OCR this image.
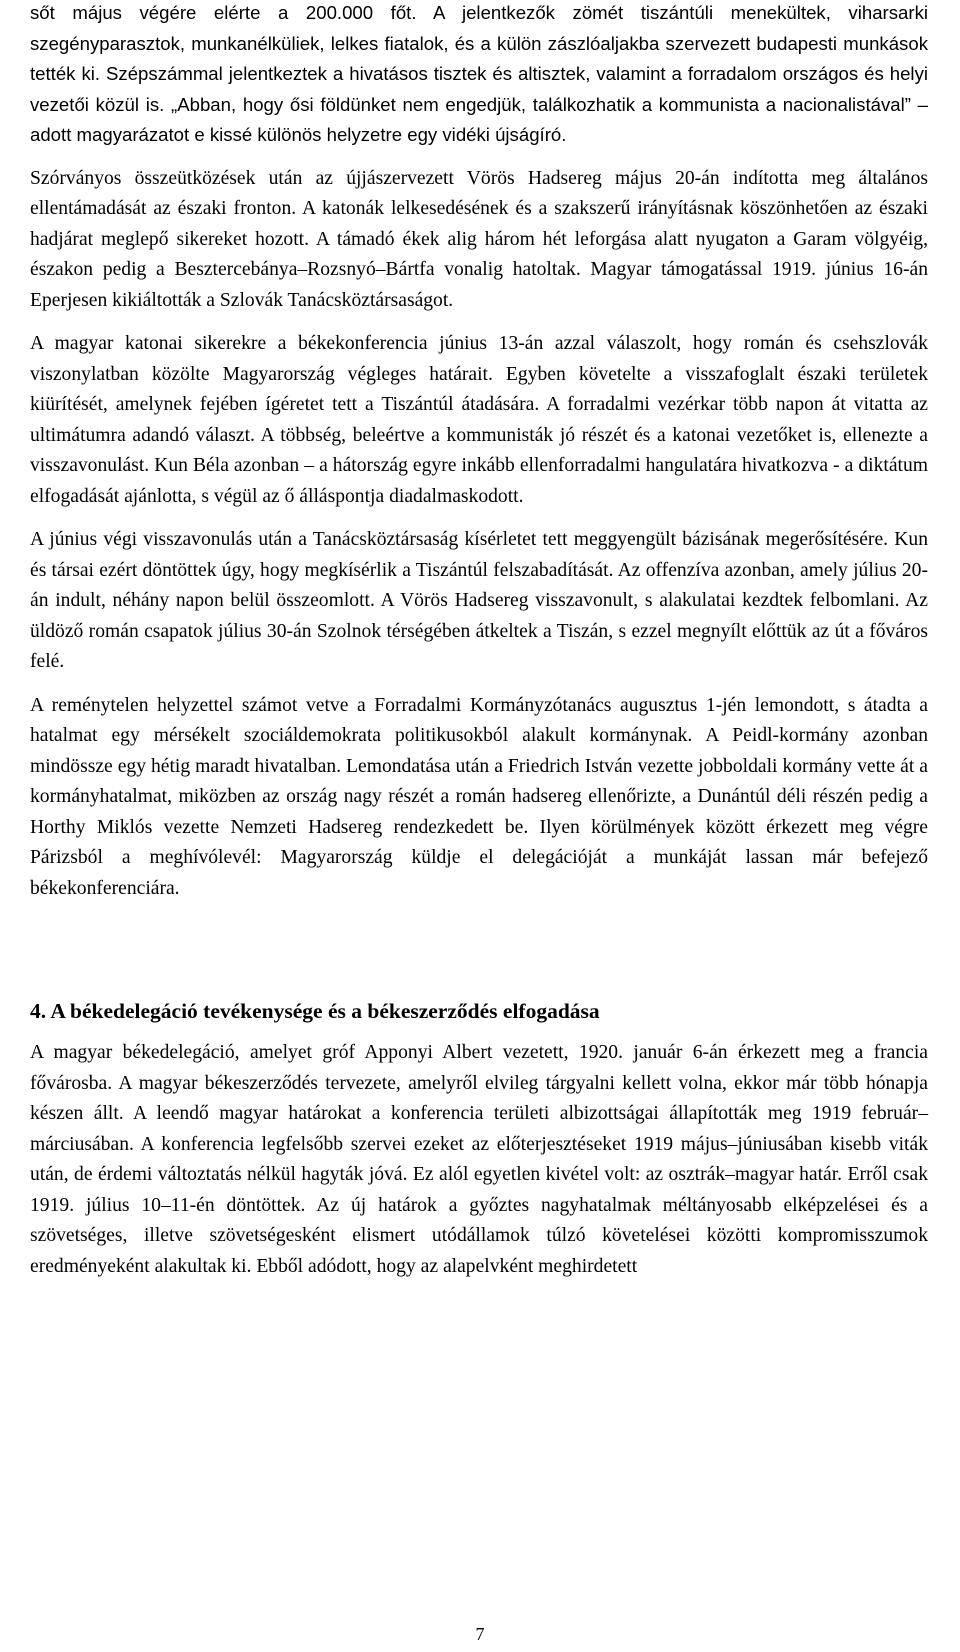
sőt május végére elérte a 200.000 főt. A jelentkezők zömét tiszántúli menekültek, viharsarki szegényparasztok, munkanélküliek, lelkes fiatalok, és a külön zászlóaljakba szervezett budapesti munkások tették ki. Szépszámmal jelentkeztek a hivatásos tisztek és altisztek, valamint a forradalom országos és helyi vezetői közül is. „Abban, hogy ősi földünket nem engedjük, találkozhatik a kommunista a nacionalistával” – adott magyarázatot e kissé különös helyzetre egy vidéki újságíró.

Szórványos összeütközések után az újjászervezett Vörös Hadsereg május 20-án indította meg általános ellentámadását az északi fronton. A katonák lelkesedésének és a szakszerű irányításnak köszönhetően az északi hadjárat meglepő sikereket hozott. A támadó ékek alig három hét leforgása alatt nyugaton a Garam völgyéig, északon pedig a Besztercebánya–Rozsnyó–Bártfa vonalig hatoltak. Magyar támogatással 1919. június 16-án Eperjesen kikiáltották a Szlovák Tanácsköztársaságot.

A magyar katonai sikerekre a békekonferencia június 13-án azzal válaszolt, hogy román és csehszlovák viszonylatban közölte Magyarország végleges határait. Egyben követelte a visszafoglalt északi területek kiürítését, amelynek fejében ígéretet tett a Tiszántúl átadására. A forradalmi vezérkar több napon át vitatta az ultimátumra adandó választ. A többség, beleértve a kommunisták jó részét és a katonai vezetőket is, ellenezte a visszavonulást. Kun Béla azonban – a hátország egyre inkább ellenforradalmi hangulatára hivatkozva - a diktátum elfogadását ajánlotta, s végül az ő álláspontja diadalmaskodott.

A június végi visszavonulás után a Tanácsköztársaság kísérletet tett meggyengült bázisának megerősítésére. Kun és társai ezért döntöttek úgy, hogy megkísérlik a Tiszántúl felszabadítását. Az offenzíva azonban, amely július 20-án indult, néhány napon belül összeomlott. A Vörös Hadsereg visszavonult, s alakulatai kezdtek felbomlani. Az üldöző román csapatok július 30-án Szolnok térségében átkeltek a Tiszán, s ezzel megnyílt előttük az út a főváros felé.

A reménytelen helyzettel számot vetve a Forradalmi Kormányzótanács augusztus 1-jén lemondott, s átadta a hatalmat egy mérsékelt szociáldemokrata politikusokból alakult kormánynak. A Peidl-kormány azonban mindössze egy hétig maradt hivatalban. Lemondatása után a Friedrich István vezette jobboldali kormány vette át a kormányhatalmat, miközben az ország nagy részét a román hadsereg ellenőrizte, a Dunántúl déli részén pedig a Horthy Miklós vezette Nemzeti Hadsereg rendezkedett be. Ilyen körülmények között érkezett meg végre Párizsból a meghívólevél: Magyarország küldje el delegációját a munkáját lassan már befejező békekonferenciára.

4. A békedelegáció tevékenysége és a békeszerződés elfogadása

A magyar békedelegáció, amelyet gróf Apponyi Albert vezetett, 1920. január 6-án érkezett meg a francia fővárosba. A magyar békeszerződés tervezete, amelyről elvileg tárgyalni kellett volna, ekkor már több hónapja készen állt. A leendő magyar határokat a konferencia területi albizottságai állapították meg 1919 február–márciusában. A konferencia legfelsőbb szervei ezeket az előterjesztéseket 1919 május–júniusában kisebb viták után, de érdemi változtatás nélkül hagyták jóvá. Ez alól egyetlen kivétel volt: az osztrák–magyar határ. Erről csak 1919. július 10–11-én döntöttek. Az új határok a győztes nagyhatalmak méltányosabb elképzelései és a szövetséges, illetve szövetségesként elismert utódállamok túlzó követelései közötti kompromisszumok eredményeként alakultak ki. Ebből adódott, hogy az alapelvként meghirdetett

7
